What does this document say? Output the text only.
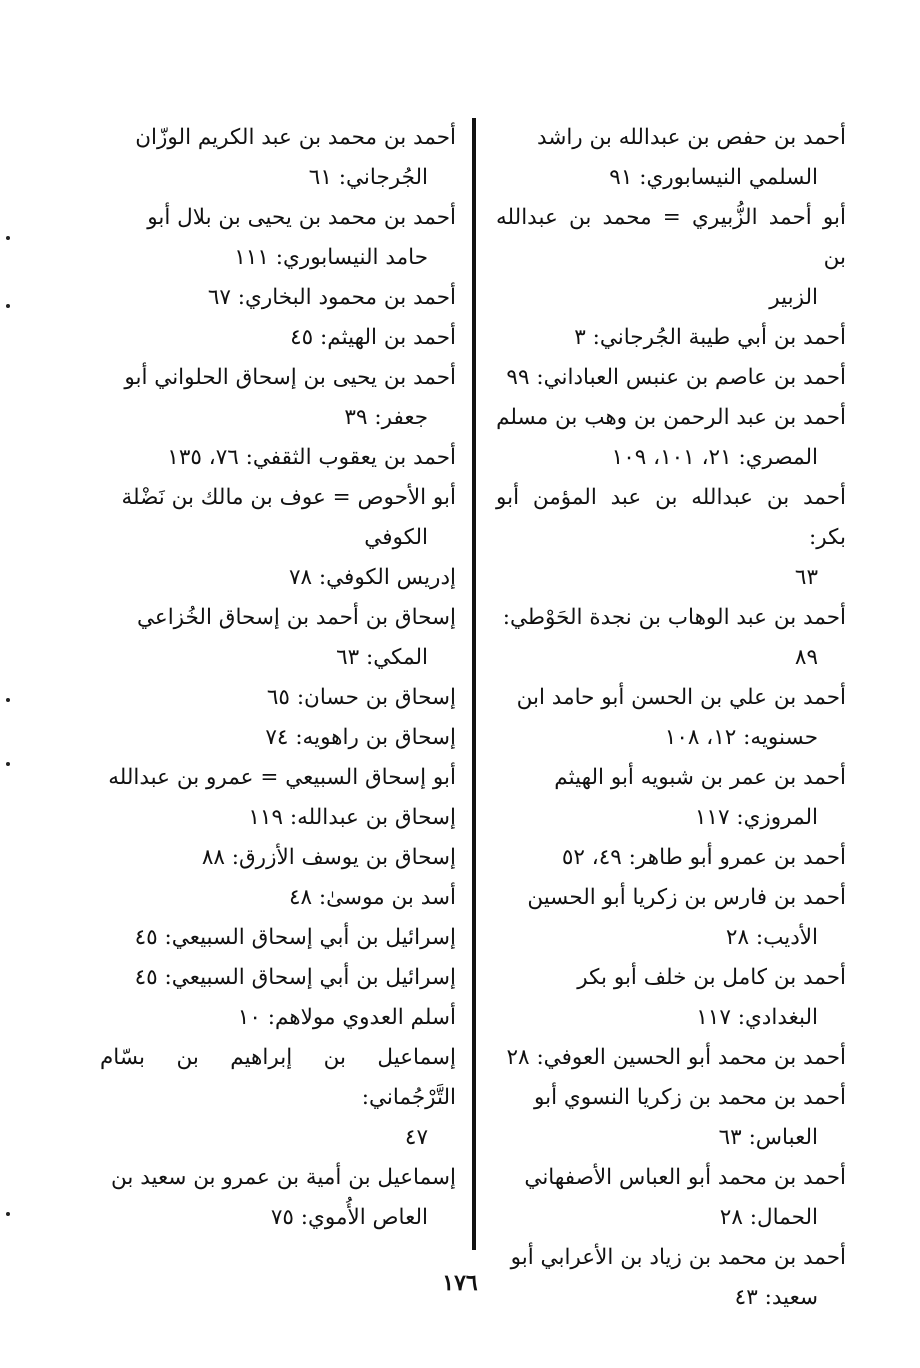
أحمد بن حفص بن عبدالله بن راشد
السلمي النيسابوري: ٩١
أبو أحمد الزُّبيري = محمد بن عبدالله بن
الزبير
أحمد بن أبي طيبة الجُرجاني: ٣
أحمد بن عاصم بن عنبس العباداني: ٩٩
أحمد بن عبد الرحمن بن وهب بن مسلم
المصري: ٢١، ١٠١، ١٠٩
أحمد بن عبدالله بن عبد المؤمن أبو بكر:
٦٣
أحمد بن عبد الوهاب بن نجدة الحَوْطي:
٨٩
أحمد بن علي بن الحسن أبو حامد ابن
حسنويه: ١٢، ١٠٨
أحمد بن عمر بن شبويه أبو الهيثم
المروزي: ١١٧
أحمد بن عمرو أبو طاهر: ٤٩، ٥٢
أحمد بن فارس بن زكريا أبو الحسين
الأديب: ٢٨
أحمد بن كامل بن خلف أبو بكر
البغدادي: ١١٧
أحمد بن محمد أبو الحسين العوفي: ٢٨
أحمد بن محمد بن زكريا النسوي أبو
العباس: ٦٣
أحمد بن محمد أبو العباس الأصفهاني
الحمال: ٢٨
أحمد بن محمد بن زياد بن الأعرابي أبو
سعيد: ٤٣
أحمد بن محمد بن عبد الكريم الوزّان
الجُرجاني: ٦١
أحمد بن محمد بن يحيى بن بلال أبو
حامد النيسابوري: ١١١
أحمد بن محمود البخاري: ٦٧
أحمد بن الهيثم: ٤٥
أحمد بن يحيى بن إسحاق الحلواني أبو
جعفر: ٣٩
أحمد بن يعقوب الثقفي: ٧٦، ١٣٥
أبو الأحوص = عوف بن مالك بن نَضْلة
الكوفي
إدريس الكوفي: ٧٨
إسحاق بن أحمد بن إسحاق الخُزاعي
المكي: ٦٣
إسحاق بن حسان: ٦٥
إسحاق بن راهويه: ٧٤
أبو إسحاق السبيعي = عمرو بن عبدالله
إسحاق بن عبدالله: ١١٩
إسحاق بن يوسف الأزرق: ٨٨
أسد بن موسىٰ: ٤٨
إسرائيل بن أبي إسحاق السبيعي: ٤٥
إسرائيل بن أبي إسحاق السبيعي: ٤٥
أسلم العدوي مولاهم: ١٠
إسماعيل بن إبراهيم بن بسّام التَّرْجُماني:
٤٧
إسماعيل بن أمية بن عمرو بن سعيد بن
العاص الأُموي: ٧٥
١٧٦
